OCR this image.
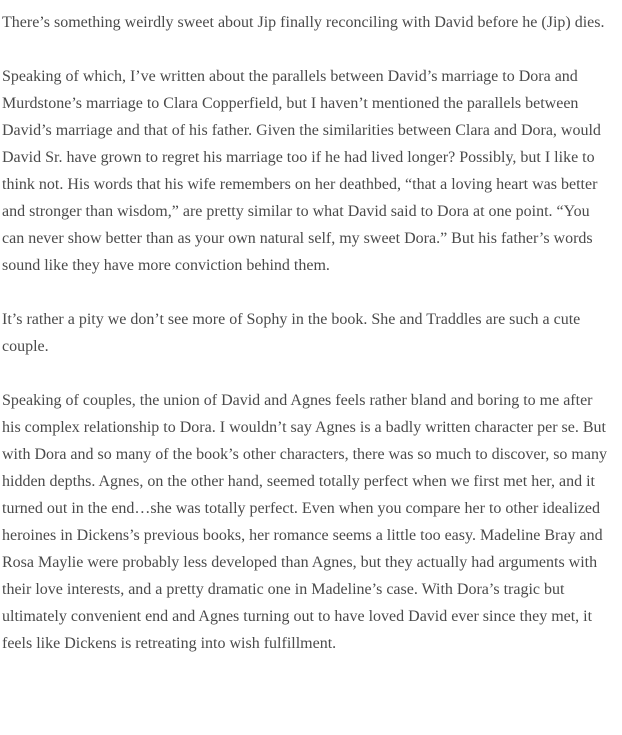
There’s something weirdly sweet about Jip finally reconciling with David before he (Jip) dies.

Speaking of which, I’ve written about the parallels between David’s marriage to Dora and Murdstone’s marriage to Clara Copperfield, but I haven’t mentioned the parallels between David’s marriage and that of his father. Given the similarities between Clara and Dora, would David Sr. have grown to regret his marriage too if he had lived longer? Possibly, but I like to think not. His words that his wife remembers on her deathbed, “that a loving heart was better and stronger than wisdom,” are pretty similar to what David said to Dora at one point. “You can never show better than as your own natural self, my sweet Dora.” But his father’s words sound like they have more conviction behind them.

It’s rather a pity we don’t see more of Sophy in the book. She and Traddles are such a cute couple.

Speaking of couples, the union of David and Agnes feels rather bland and boring to me after his complex relationship to Dora. I wouldn’t say Agnes is a badly written character per se. But with Dora and so many of the book’s other characters, there was so much to discover, so many hidden depths. Agnes, on the other hand, seemed totally perfect when we first met her, and it turned out in the end…she was totally perfect. Even when you compare her to other idealized heroines in Dickens’s previous books, her romance seems a little too easy. Madeline Bray and Rosa Maylie were probably less developed than Agnes, but they actually had arguments with their love interests, and a pretty dramatic one in Madeline’s case. With Dora’s tragic but ultimately convenient end and Agnes turning out to have loved David ever since they met, it feels like Dickens is retreating into wish fulfillment.
